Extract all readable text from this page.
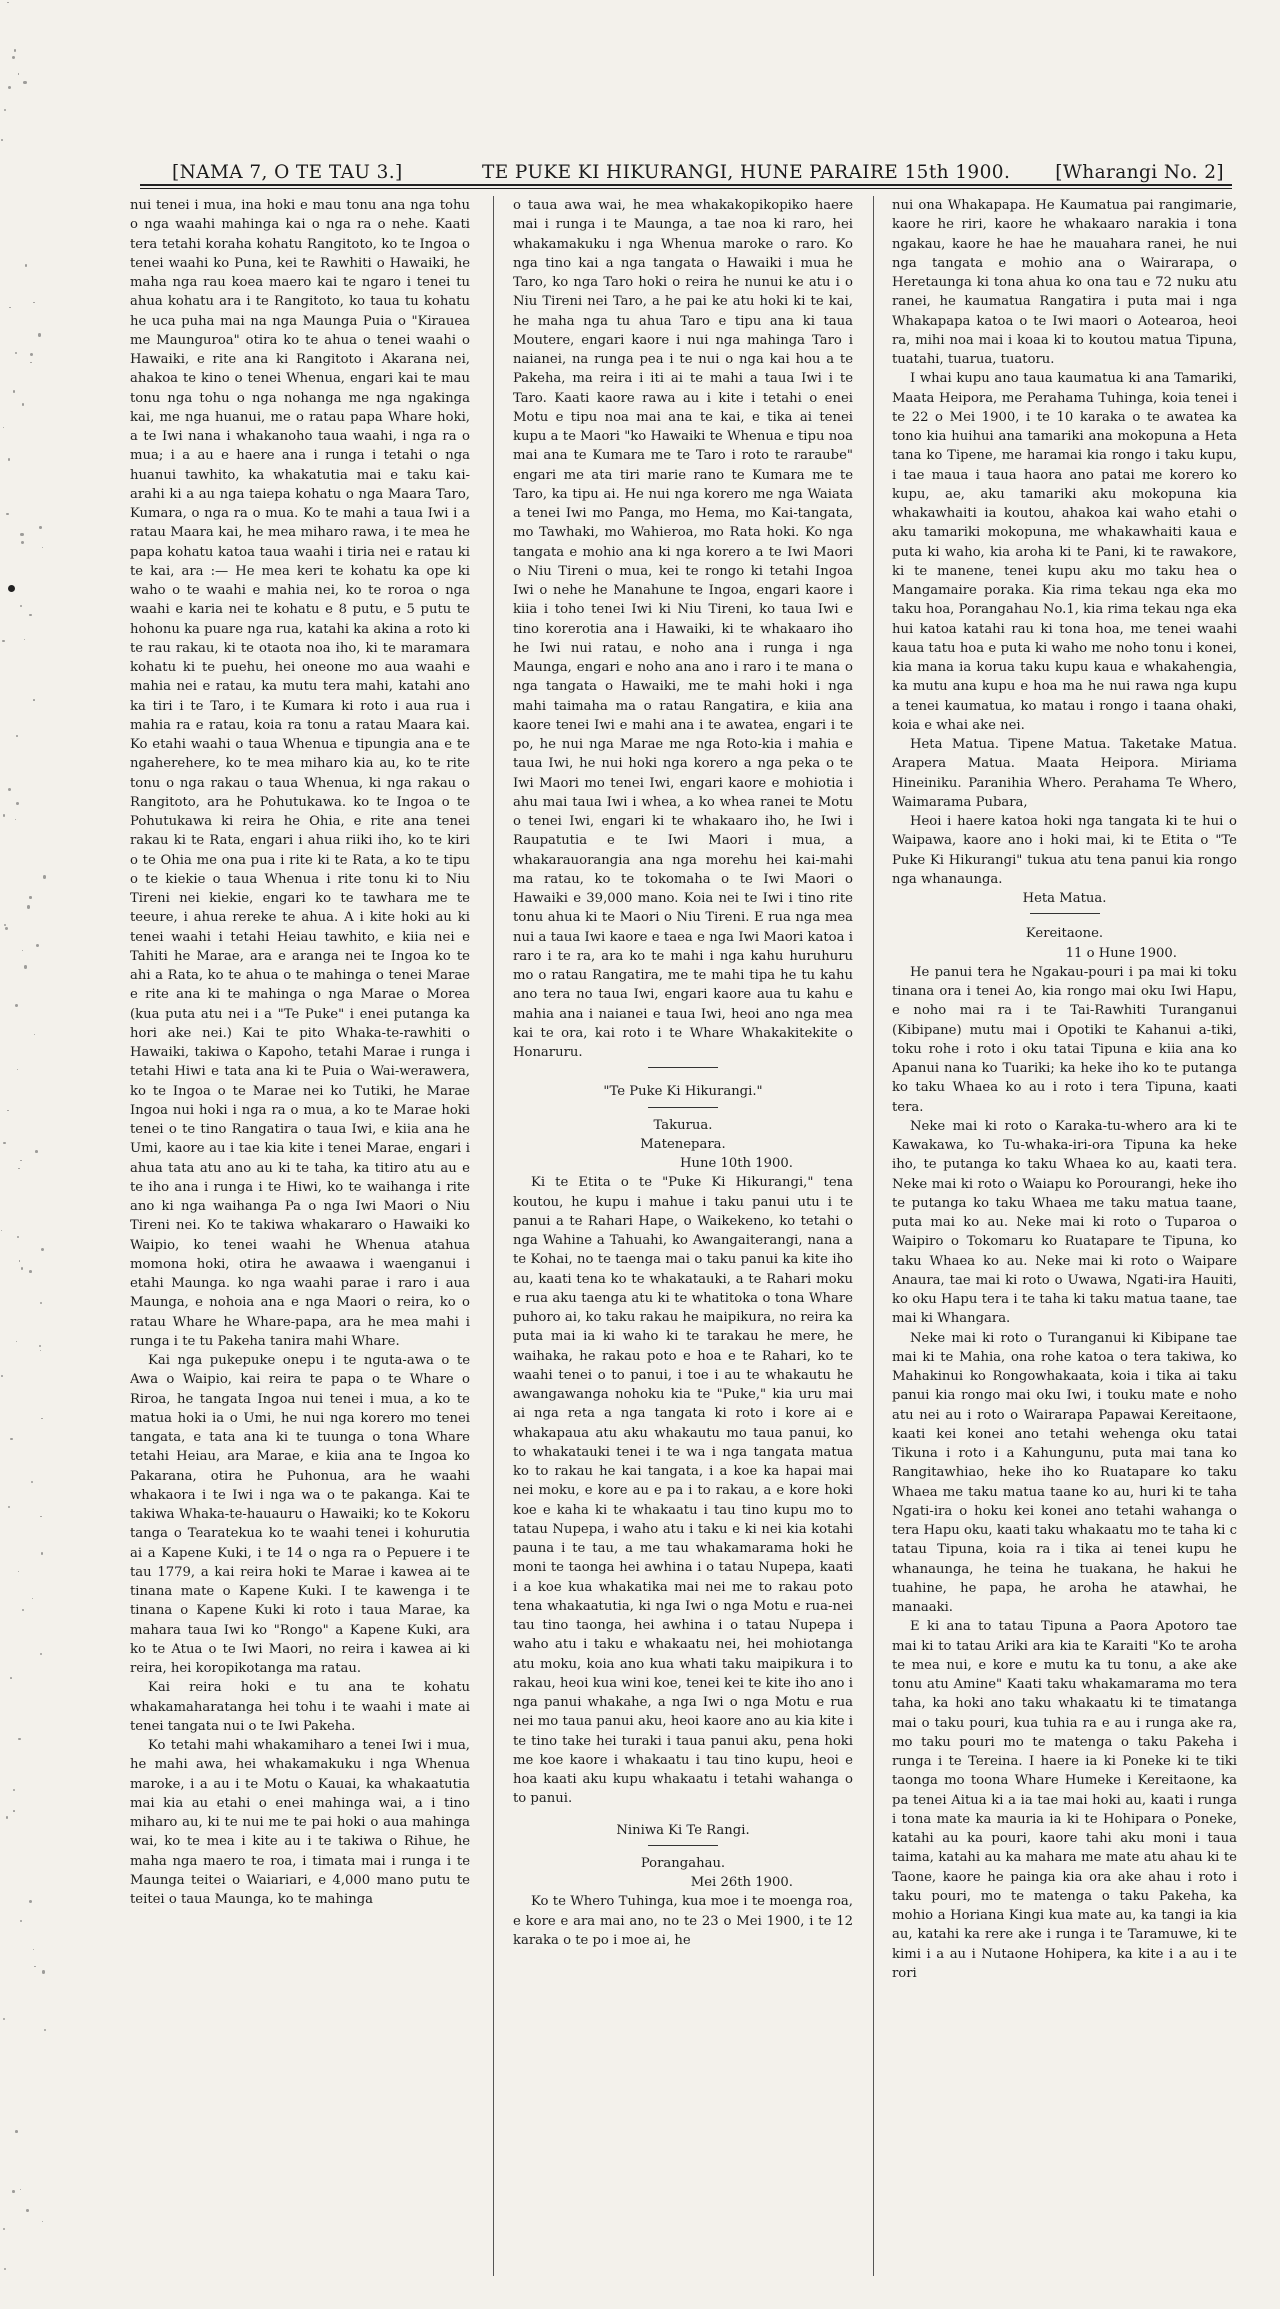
[NAMA 7, O TE TAU 3.]	TE PUKE KI HIKURANGI, HUNE PARAIRE 15th 1900. [Wharangi No. 2]

nui tenei i mua, ina hoki e mau tonu ana nga tohu o nga waahi mahinga kai o nga ra o nehe. Kaati tera tetahi koraha kohatu Rangitoto, ko te Ingoa o tenei waahi ko Puna, kei te Rawhiti o Hawaiki, he maha nga rau koea maero kai te ngaro i tenei tu ahua kohatu ara i te Rangitoto, ko taua tu kohatu he uca puha mai na nga Maunga Puia o "Kirauea me Maunguroa" otira ko te ahua o tenei waahi o Hawaiki, e rite ana ki Rangitoto i Akarana nei, ahakoa te kino o tenei Whenua, engari kai te mau tonu nga tohu o nga nohanga me nga ngakinga kai, me nga huanui, me o ratau papa Whare hoki, a te Iwi nana i whakanoho taua waahi, i nga ra o mua; i a au e haere ana i runga i tetahi o nga huanui tawhito, ka whakatutia mai e taku kai-arahi ki a au nga taiepa kohatu o nga Maara Taro, Kumara, o nga ra o mua. Ko te mahi a taua Iwi i a ratau Maara kai, he mea miharo rawa, i te mea he papa kohatu katoa taua waahi i tiria nei e ratau ki te kai, ara :— He mea keri te kohatu ka ope ki waho o te waahi e mahia nei, ko te roroa o nga waahi e karia nei te kohatu e 8 putu, e 5 putu te hohonu ka puare nga rua, katahi ka akina a roto ki te rau rakau, ki te otaota noa iho, ki te maramara kohatu ki te puehu, hei oneone mo aua waahi e mahia nei e ratau, ka mutu tera mahi, katahi ano ka tiri i te Taro, i te Kumara ki roto i aua rua i mahia ra e ratau, koia ra tonu a ratau Maara kai. Ko etahi waahi o taua Whenua e tipungia ana e te ngaherehere, ko te mea miharo kia au, ko te rite tonu o nga rakau o taua Whenua, ki nga rakau o Rangitoto, ara he Pohutukawa. ko te Ingoa o te Pohutukawa ki reira he Ohia, e rite ana tenei rakau ki te Rata, engari i ahua riiki iho, ko te kiri o te Ohia me ona pua i rite ki te Rata, a ko te tipu o te kiekie o taua Whenua i rite tonu ki to Niu Tireni nei kiekie, engari ko te tawhara me te teeure, i ahua rereke te ahua. A i kite hoki au ki tenei waahi i tetahi Heiau tawhito, e kiia nei e Tahiti he Marae, ara e aranga nei te Ingoa ko te ahi a Rata, ko te ahua o te mahinga o tenei Marae e rite ana ki te mahinga o nga Marae o Morea (kua puta atu nei i a "Te Puke" i enei putanga ka hori ake nei.) Kai te pito Whaka-te-rawhiti o Hawaiki, takiwa o Kapoho, tetahi Marae i runga i tetahi Hiwi e tata ana ki te Puia o Wai-werawera, ko te Ingoa o te Marae nei ko Tutiki, he Marae Ingoa nui hoki i nga ra o mua, a ko te Marae hoki tenei o te tino Rangatira o taua Iwi, e kiia ana he Umi, kaore au i tae kia kite i tenei Marae, engari i ahua tata atu ano au ki te taha, ka titiro atu au e te iho ana i runga i te Hiwi, ko te waihanga i rite ano ki nga waihanga Pa o nga Iwi Maori o Niu Tireni nei. Ko te takiwa whakararo o Hawaiki ko Waipio, ko tenei waahi he Whenua atahua momona hoki, otira he awaawa i waenganui i etahi Maunga. ko nga waahi parae i raro i aua Maunga, e nohoia ana e nga Maori o reira, ko o ratau Whare he Whare-papa, ara he mea mahi i runga i te tu Pakeha tanira mahi Whare.

Kai nga pukepuke onepu i te nguta-awa o te Awa o Waipio, kai reira te papa o te Whare o Riroa, he tangata Ingoa nui tenei i mua, a ko te matua hoki ia o Umi, he nui nga korero mo tenei tangata, e tata ana ki te tuunga o tona Whare tetahi Heiau, ara Marae, e kiia ana te Ingoa ko Pakarana, otira he Puhonua, ara he waahi whakaora i te Iwi i nga wa o te pakanga. Kai te takiwa Whaka-te-hauauru o Hawaiki; ko te Kokoru tanga o Tearatekua ko te waahi tenei i kohurutia ai a Kapene Kuki, i te 14 o nga ra o Pepuere i te tau 1779, a kai reira hoki te Marae i kawea ai te tinana mate o Kapene Kuki. I te kawenga i te tinana o Kapene Kuki ki roto i taua Marae, ka mahara taua Iwi ko "Rongo" a Kapene Kuki, ara ko te Atua o te Iwi Maori, no reira i kawea ai ki reira, hei koropikotanga ma ratau.

Kai reira hoki e tu ana te kohatu whakamaharatanga hei tohu i te waahi i mate ai tenei tangata nui o te Iwi Pakeha.

Ko tetahi mahi whakamiharo a tenei Iwi i mua, he mahi awa, hei whakamakuku i nga Whenua maroke, i a au i te Motu o Kauai, ka whakaatutia mai kia au etahi o enei mahinga wai, a i tino miharo au, ki te nui me te pai hoki o aua mahinga wai, ko te mea i kite au i te takiwa o Rihue, he maha nga maero te roa, i timata mai i runga i te Maunga teitei o Waiariari, e 4,000 mano putu te teitei o taua Maunga, ko te mahinga

o taua awa wai, he mea whakakopikopiko haere mai i runga i te Maunga, a tae noa ki raro, hei whakamakuku i nga Whenua maroke o raro. Ko nga tino kai a nga tangata o Hawaiki i mua he Taro, ko nga Taro hoki o reira he nunui ke atu i o Niu Tireni nei Taro, a he pai ke atu hoki ki te kai, he maha nga tu ahua Taro e tipu ana ki taua Moutere, engari kaore i nui nga mahinga Taro i naianei, na runga pea i te nui o nga kai hou a te Pakeha, ma reira i iti ai te mahi a taua Iwi i te Taro. Kaati kaore rawa au i kite i tetahi o enei Motu e tipu noa mai ana te kai, e tika ai tenei kupu a te Maori "ko Hawaiki te Whenua e tipu noa mai ana te Kumara me te Taro i roto te raraube" engari me ata tiri marie rano te Kumara me te Taro, ka tipu ai. He nui nga korero me nga Waiata a tenei Iwi mo Panga, mo Hema, mo Kai-tangata, mo Tawhaki, mo Wahieroa, mo Rata hoki. Ko nga tangata e mohio ana ki nga korero a te Iwi Maori o Niu Tireni o mua, kei te rongo ki tetahi Ingoa Iwi o nehe he Manahune te Ingoa, engari kaore i kiia i toho tenei Iwi ki Niu Tireni, ko taua Iwi e tino korerotia ana i Hawaiki, ki te whakaaro iho he Iwi nui ratau, e noho ana i runga i nga Maunga, engari e noho ana ano i raro i te mana o nga tangata o Hawaiki, me te mahi hoki i nga mahi taimaha ma o ratau Rangatira, e kiia ana kaore tenei Iwi e mahi ana i te awatea, engari i te po, he nui nga Marae me nga Roto-kia i mahia e taua Iwi, he nui hoki nga korero a nga peka o te Iwi Maori mo tenei Iwi, engari kaore e mohiotia i ahu mai taua Iwi i whea, a ko whea ranei te Motu o tenei Iwi, engari ki te whakaaro iho, he Iwi i Raupatutia e te Iwi Maori i mua, a whakarauorangia ana nga morehu hei kai-mahi ma ratau, ko te tokomaha o te Iwi Maori o Hawaiki e 39,000 mano. Koia nei te Iwi i tino rite tonu ahua ki te Maori o Niu Tireni. E rua nga mea nui a taua Iwi kaore e taea e nga Iwi Maori katoa i raro i te ra, ara ko te mahi i nga kahu huruhuru mo o ratau Rangatira, me te mahi tipa he tu kahu ano tera no taua Iwi, engari kaore aua tu kahu e mahia ana i naianei e taua Iwi, heoi ano nga mea kai te ora, kai roto i te Whare Whakakitekite o Honaruru.

"Te Puke Ki Hikurangi."

Takurua.

Matenepara.

Hune 10th 1900.

Ki te Etita o te "Puke Ki Hikurangi," tena koutou, he kupu i mahue i taku panui utu i te panui a te Rahari Hape, o Waikekeno, ko tetahi o nga Wahine a Tahuahi, ko Awangaiterangi, nana a te Kohai, no te taenga mai o taku panui ka kite iho au, kaati tena ko te whakatauki, a te Rahari moku e rua aku taenga atu ki te whatitoka o tona Whare puhoro ai, ko taku rakau he maipikura, no reira ka puta mai ia ki waho ki te tarakau he mere, he waihaka, he rakau poto e hoa e te Rahari, ko te waahi tenei o to panui, i toe i au te whakautu he awangawanga nohoku kia te "Puke," kia uru mai ai nga reta a nga tangata ki roto i kore ai e whakapaua atu aku whakautu mo taua panui, ko to whakatauki tenei i te wa i nga tangata matua ko to rakau he kai tangata, i a koe ka hapai mai nei moku, e kore au e pa i to rakau, a e kore hoki koe e kaha ki te whakaatu i tau tino kupu mo to tatau Nupepa, i waho atu i taku e ki nei kia kotahi pauna i te tau, a me tau whakamarama hoki he moni te taonga hei awhina i o tatau Nupepa, kaati i a koe kua whakatika mai nei me to rakau poto tena whakaatutia, ki nga Iwi o nga Motu e rua-nei tau tino taonga, hei awhina i o tatau Nupepa i waho atu i taku e whakaatu nei, hei mohiotanga atu moku, koia ano kua whati taku maipikura i to rakau, heoi kua wini koe, tenei kei te kite iho ano i nga panui whakahe, a nga Iwi o nga Motu e rua nei mo taua panui aku, heoi kaore ano au kia kite i te tino take hei turaki i taua panui aku, pena hoki me koe kaore i whakaatu i tau tino kupu, heoi e hoa kaati aku kupu whakaatu i tetahi wahanga o to panui.

Niniwa Ki Te Rangi.

Porangahau.

Mei 26th 1900.

Ko te Whero Tuhinga, kua moe i te moenga roa, e kore e ara mai ano, no te 23 o Mei 1900, i te 12 karaka o te po i moe ai, he

nui ona Whakapapa. He Kaumatua pai rangimarie, kaore he riri, kaore he whakaaro narakia i tona ngakau, kaore he hae he mauahara ranei, he nui nga tangata e mohio ana o Wairarapa, o Heretaunga ki tona ahua ko ona tau e 72 nuku atu ranei, he kaumatua Rangatira i puta mai i nga Whakapapa katoa o te Iwi maori o Aotearoa, heoi ra, mihi noa mai i koaa ki to koutou matua Tipuna, tuatahi, tuarua, tuatoru.

I whai kupu ano taua kaumatua ki ana Tamariki, Maata Heipora, me Perahama Tuhinga, koia tenei i te 22 o Mei 1900, i te 10 karaka o te awatea ka tono kia huihui ana tamariki ana mokopuna a Heta tana ko Tipene, me haramai kia rongo i taku kupu, i tae maua i taua haora ano patai me korero ko kupu, ae, aku tamariki aku mokopuna kia whakawhaiti ia koutou, ahakoa kai waho etahi o aku tamariki mokopuna, me whakawhaiti kaua e puta ki waho, kia aroha ki te Pani, ki te rawakore, ki te manene, tenei kupu aku mo taku hea o Mangamaire poraka. Kia rima tekau nga eka mo taku hoa, Porangahau No.1, kia rima tekau nga eka hui katoa katahi rau ki tona hoa, me tenei waahi kaua tatu hoa e puta ki waho me noho tonu i konei, kia mana ia korua taku kupu kaua e whakahengia, ka mutu ana kupu e hoa ma he nui rawa nga kupu a tenei kaumatua, ko matau i rongo i taana ohaki, koia e whai ake nei.

Heta Matua. Tipene Matua. Taketake Matua. Arapera Matua. Maata Heipora. Miriama Hineiniku. Paranihia Whero. Perahama Te Whero, Waimarama Pubara,

Heoi i haere katoa hoki nga tangata ki te hui o Waipawa, kaore ano i hoki mai, ki te Etita o "Te Puke Ki Hikurangi" tukua atu tena panui kia rongo nga whanaunga.

Heta Matua.

Kereitaone.

11 o Hune 1900.

He panui tera he Ngakau-pouri i pa mai ki toku tinana ora i tenei Ao, kia rongo mai oku Iwi Hapu, e noho mai ra i te Tai-Rawhiti Turanganui (Kibipane) mutu mai i Opotiki te Kahanui a-tiki, toku rohe i roto i oku tatai Tipuna e kiia ana ko Apanui nana ko Tuariki; ka heke iho ko te putanga ko taku Whaea ko au i roto i tera Tipuna, kaati tera.

Neke mai ki roto o Karaka-tu-whero ara ki te Kawakawa, ko Tu-whaka-iri-ora Tipuna ka heke iho, te putanga ko taku Whaea ko au, kaati tera. Neke mai ki roto o Waiapu ko Porourangi, heke iho te putanga ko taku Whaea me taku matua taane, puta mai ko au. Neke mai ki roto o Tuparoa o Waipiro o Tokomaru ko Ruatapare te Tipuna, ko taku Whaea ko au. Neke mai ki roto o Waipare Anaura, tae mai ki roto o Uwawa, Ngati-ira Hauiti, ko oku Hapu tera i te taha ki taku matua taane, tae mai ki Whangara.

Neke mai ki roto o Turanganui ki Kibipane tae mai ki te Mahia, ona rohe katoa o tera takiwa, ko Mahakinui ko Rongowhakaata, koia i tika ai taku panui kia rongo mai oku Iwi, i touku mate e noho atu nei au i roto o Wairarapa Papawai Kereitaone, kaati kei konei ano tetahi wehenga oku tatai Tikuna i roto i a Kahungunu, puta mai tana ko Rangitawhiao, heke iho ko Ruatapare ko taku Whaea me taku matua taane ko au, huri ki te taha Ngati-ira o hoku kei konei ano tetahi wahanga o tera Hapu oku, kaati taku whakaatu mo te taha ki c tatau Tipuna, koia ra i tika ai tenei kupu he whanaunga, he teina he tuakana, he hakui he tuahine, he papa, he aroha he atawhai, he manaaki.

E ki ana to tatau Tipuna a Paora Apotoro tae mai ki to tatau Ariki ara kia te Karaiti "Ko te aroha te mea nui, e kore e mutu ka tu tonu, a ake ake tonu atu Amine" Kaati taku whakamarama mo tera taha, ka hoki ano taku whakaatu ki te timatanga mai o taku pouri, kua tuhia ra e au i runga ake ra, mo taku pouri mo te matenga o taku Pakeha i runga i te Tereina. I haere ia ki Poneke ki te tiki taonga mo toona Whare Humeke i Kereitaone, ka pa tenei Aitua ki a ia tae mai hoki au, kaati i runga i tona mate ka mauria ia ki te Hohipara o Poneke, katahi au ka pouri, kaore tahi aku moni i taua taima, katahi au ka mahara me mate atu ahau ki te Taone, kaore he painga kia ora ake ahau i roto i taku pouri, mo te matenga o taku Pakeha, ka mohio a Horiana Kingi kua mate au, ka tangi ia kia au, katahi ka rere ake i runga i te Taramuwe, ki te kimi i a au i Nutaone Hohipera, ka kite i a au i te rori
